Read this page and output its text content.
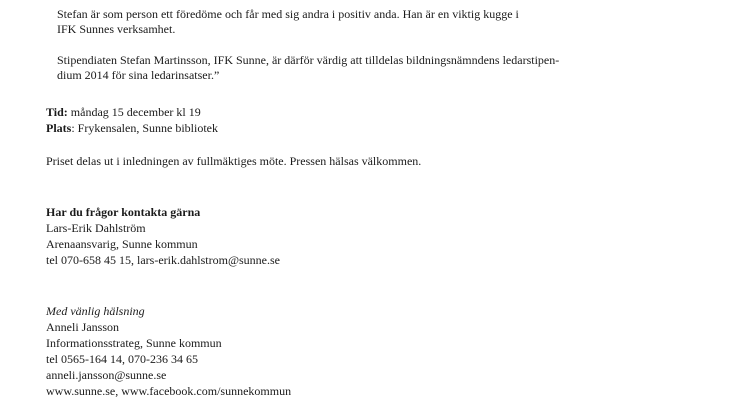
Stefan är som person ett föredöme och får med sig andra i positiv anda. Han är en viktig kugge i
IFK Sunnes verksamhet.
Stipendiaten Stefan Martinsson, IFK Sunne, är därför värdig att tilldelas bildningsnämndens ledarstipen-
dium 2014 för sina ledarinsatser.”
Tid: måndag 15 december kl 19
Plats: Frykensalen, Sunne bibliotek
Priset delas ut i inledningen av fullmäktiges möte. Pressen hälsas välkommen.
Har du frågor kontakta gärna
Lars-Erik Dahlström
Arenaansvarig, Sunne kommun
tel 070-658 45 15, lars-erik.dahlstrom@sunne.se
Med vänlig hälsning
Anneli Jansson
Informationsstrateg, Sunne kommun
tel 0565-164 14, 070-236 34 65
anneli.jansson@sunne.se
www.sunne.se, www.facebook.com/sunnekommun
